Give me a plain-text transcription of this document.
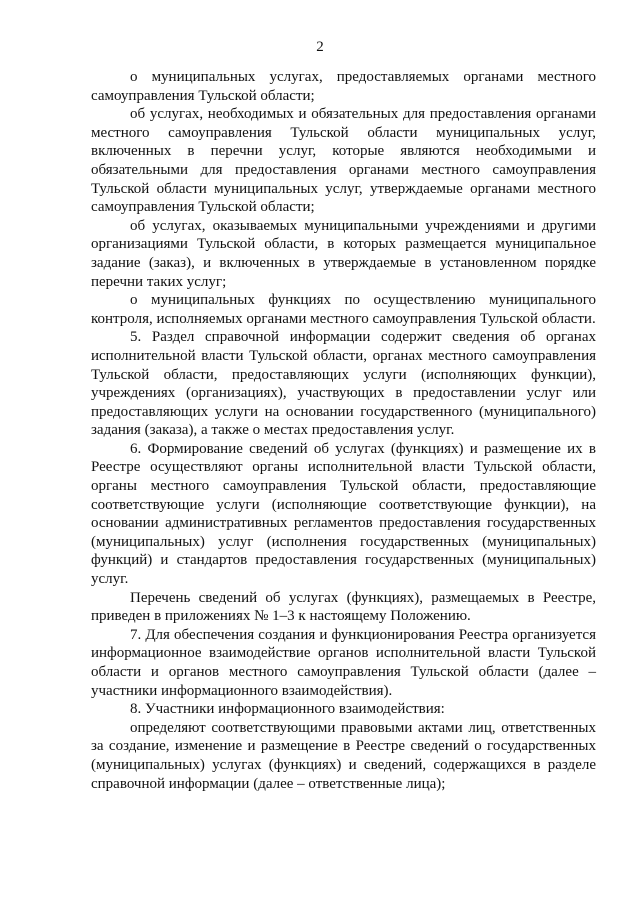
2

о муниципальных услугах, предоставляемых органами местного самоуправления Тульской области;

об услугах, необходимых и обязательных для предоставления органами местного самоуправления Тульской области муниципальных услуг, включенных в перечни услуг, которые являются необходимыми и обязательными для предоставления органами местного самоуправления Тульской области муниципальных услуг, утверждаемые органами местного самоуправления Тульской области;

об услугах, оказываемых муниципальными учреждениями и другими организациями Тульской области, в которых размещается муниципальное задание (заказ), и включенных в утверждаемые в установленном порядке перечни таких услуг;

о муниципальных функциях по осуществлению муниципального контроля, исполняемых органами местного самоуправления Тульской области.

5. Раздел справочной информации содержит сведения об органах исполнительной власти Тульской области, органах местного самоуправления Тульской области, предоставляющих услуги (исполняющих функции), учреждениях (организациях), участвующих в предоставлении услуг или предоставляющих услуги на основании государственного (муниципального) задания (заказа), а также о местах предоставления услуг.

6. Формирование сведений об услугах (функциях) и размещение их в Реестре осуществляют органы исполнительной власти Тульской области, органы местного самоуправления Тульской области, предоставляющие соответствующие услуги (исполняющие соответствующие функции), на основании административных регламентов предоставления государственных (муниципальных) услуг (исполнения государственных (муниципальных) функций) и стандартов предоставления государственных (муниципальных) услуг.

Перечень сведений об услугах (функциях), размещаемых в Реестре, приведен в приложениях № 1–3 к настоящему Положению.

7. Для обеспечения создания и функционирования Реестра организуется информационное взаимодействие органов исполнительной власти Тульской области и органов местного самоуправления Тульской области (далее – участники информационного взаимодействия).

8. Участники информационного взаимодействия:

определяют соответствующими правовыми актами лиц, ответственных за создание, изменение и размещение в Реестре сведений о государственных (муниципальных) услугах (функциях) и сведений, содержащихся в разделе справочной информации (далее – ответственные лица);
